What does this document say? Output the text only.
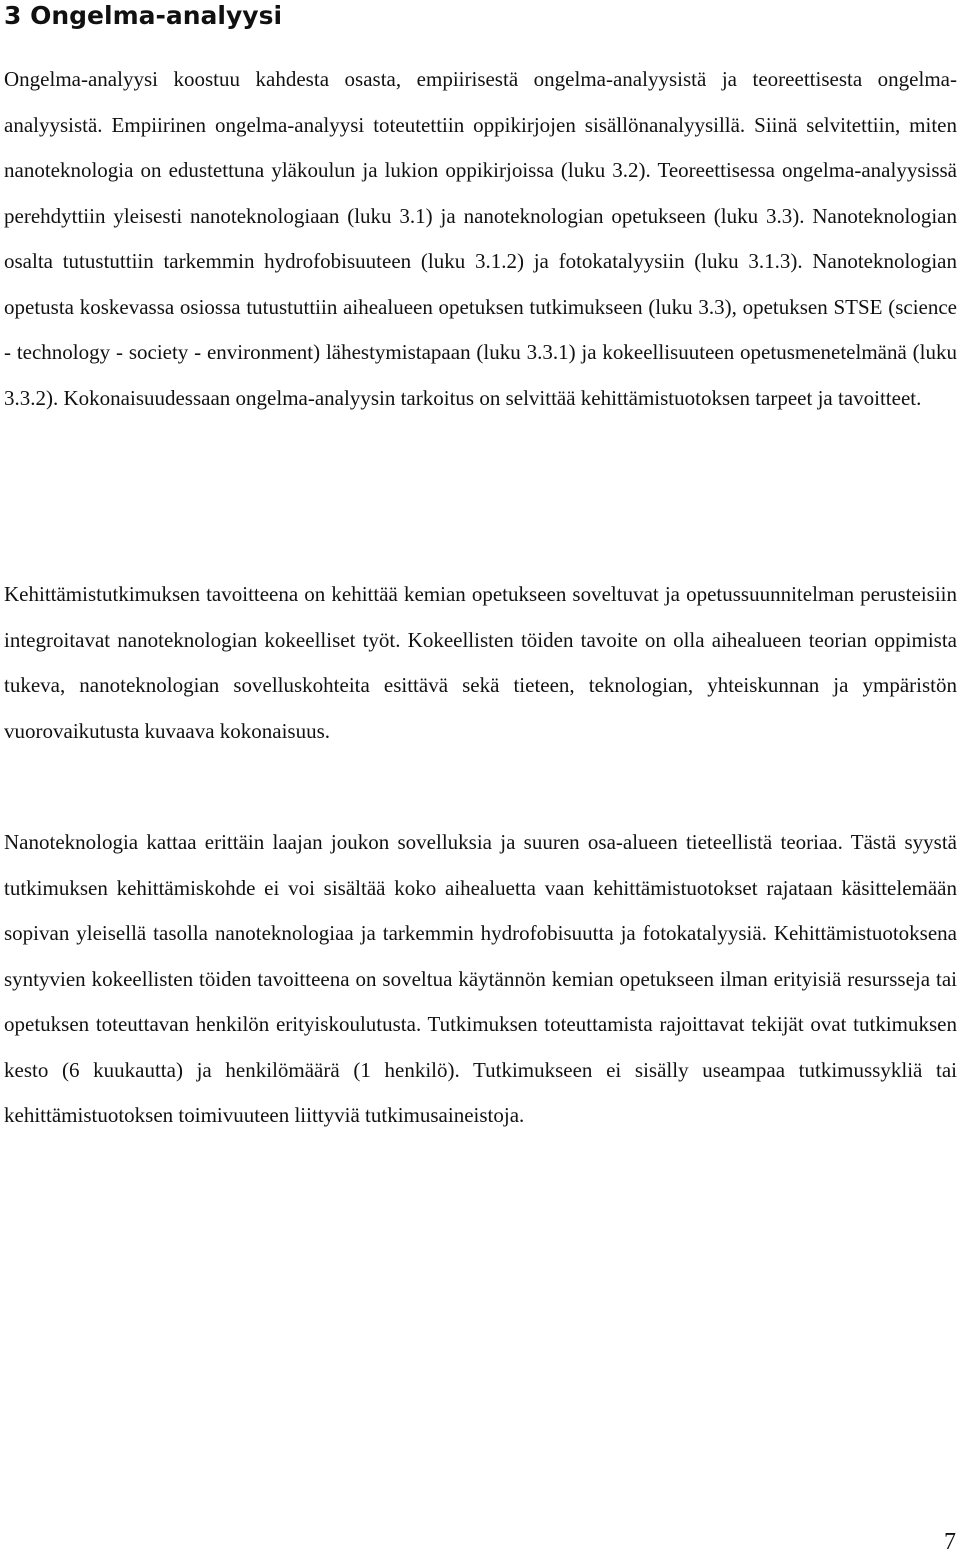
3 Ongelma-analyysi

Ongelma-analyysi koostuu kahdesta osasta, empiirisestä ongelma-analyysistä ja teoreettisesta ongelma-analyysistä. Empiirinen ongelma-analyysi toteutettiin oppikirjojen sisällönanalyysillä. Siinä selvitettiin, miten nanoteknologia on edustettuna yläkoulun ja lukion oppikirjoissa (luku 3.2). Teoreettisessa ongelma-analyysissä perehdyttiin yleisesti nanoteknologiaan (luku 3.1) ja nanoteknologian opetukseen (luku 3.3). Nanoteknologian osalta tutustuttiin tarkemmin hydrofobisuuteen (luku 3.1.2) ja fotokatalyysiin (luku 3.1.3). Nanoteknologian opetusta koskevassa osiossa tutustuttiin aihealueen opetuksen tutkimukseen (luku 3.3), opetuksen STSE (science - technology - society - environment) lähestymistapaan (luku 3.3.1) ja kokeellisuuteen opetusmenetelmänä (luku 3.3.2). Kokonaisuudessaan ongelma-analyysin tarkoitus on selvittää kehittämistuotoksen tarpeet ja tavoitteet.

Kehittämistutkimuksen tavoitteena on kehittää kemian opetukseen soveltuvat ja opetussuunnitelman perusteisiin integroitavat nanoteknologian kokeelliset työt. Kokeellisten töiden tavoite on olla aihealueen teorian oppimista tukeva, nanoteknologian sovelluskohteita esittävä sekä tieteen, teknologian, yhteiskunnan ja ympäristön vuorovaikutusta kuvaava kokonaisuus.

Nanoteknologia kattaa erittäin laajan joukon sovelluksia ja suuren osa-alueen tieteellistä teoriaa. Tästä syystä tutkimuksen kehittämiskohde ei voi sisältää koko aihealuetta vaan kehittämistuotokset rajataan käsittelemään sopivan yleisellä tasolla nanoteknologiaa ja tarkemmin hydrofobisuutta ja fotokatalyysiä. Kehittämistuotoksena syntyvien kokeellisten töiden tavoitteena on soveltua käytännön kemian opetukseen ilman erityisiä resursseja tai opetuksen toteuttavan henkilön erityiskoulutusta. Tutkimuksen toteuttamista rajoittavat tekijät ovat tutkimuksen kesto (6 kuukautta) ja henkilömäärä (1 henkilö). Tutkimukseen ei sisälly useampaa tutkimussykliä tai kehittämistuotoksen toimivuuteen liittyviä tutkimusaineistoja.

7
